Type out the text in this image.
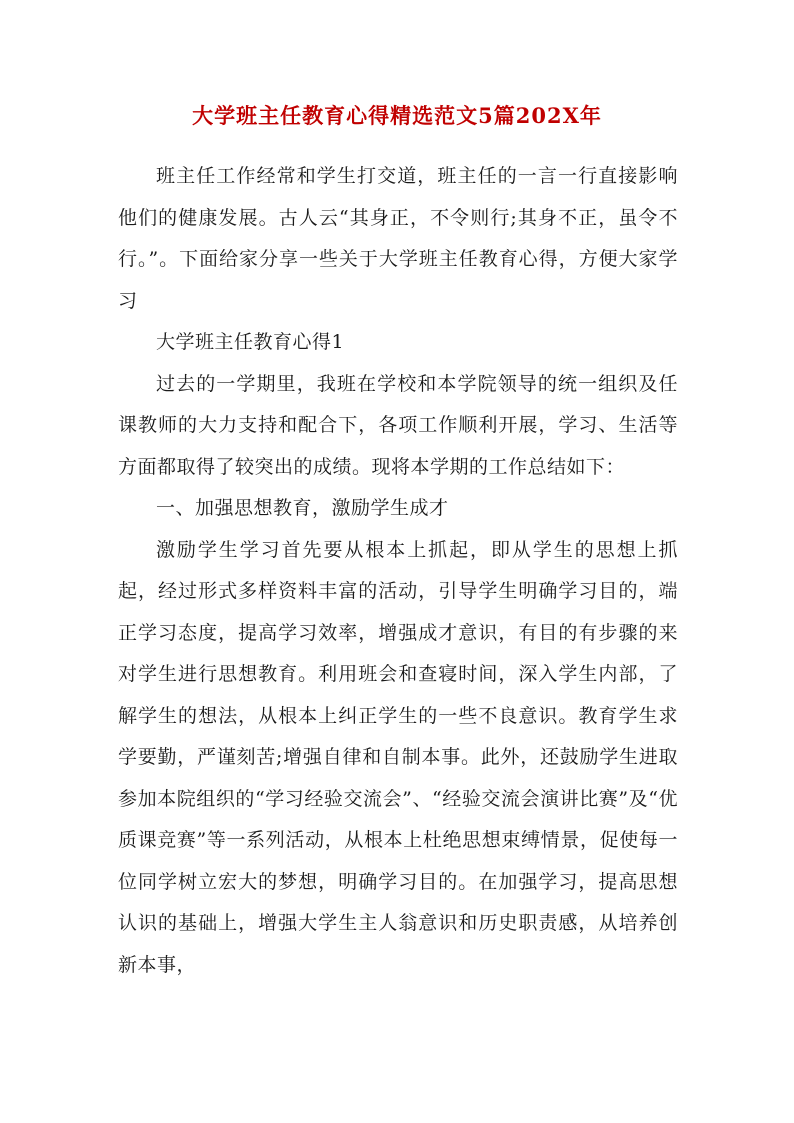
大学班主任教育心得精选范文5篇202X年

班主任工作经常和学生打交道，班主任的一言一行直接影响他们的健康发展。古人云“其身正，不令则行;其身不正，虽令不行。”。下面给家分享一些关于大学班主任教育心得，方便大家学习

大学班主任教育心得1

过去的一学期里，我班在学校和本学院领导的统一组织及任课教师的大力支持和配合下，各项工作顺利开展，学习、生活等方面都取得了较突出的成绩。现将本学期的工作总结如下：

一、加强思想教育，激励学生成才

激励学生学习首先要从根本上抓起，即从学生的思想上抓起，经过形式多样资料丰富的活动，引导学生明确学习目的，端正学习态度，提高学习效率，增强成才意识，有目的有步骤的来对学生进行思想教育。利用班会和查寝时间，深入学生内部，了解学生的想法，从根本上纠正学生的一些不良意识。教育学生求学要勤，严谨刻苦;增强自律和自制本事。此外，还鼓励学生进取参加本院组织的“学习经验交流会”、“经验交流会演讲比赛”及“优质课竞赛”等一系列活动，从根本上杜绝思想束缚情景，促使每一位同学树立宏大的梦想，明确学习目的。在加强学习，提高思想认识的基础上，增强大学生主人翁意识和历史职责感，从培养创新本事，
